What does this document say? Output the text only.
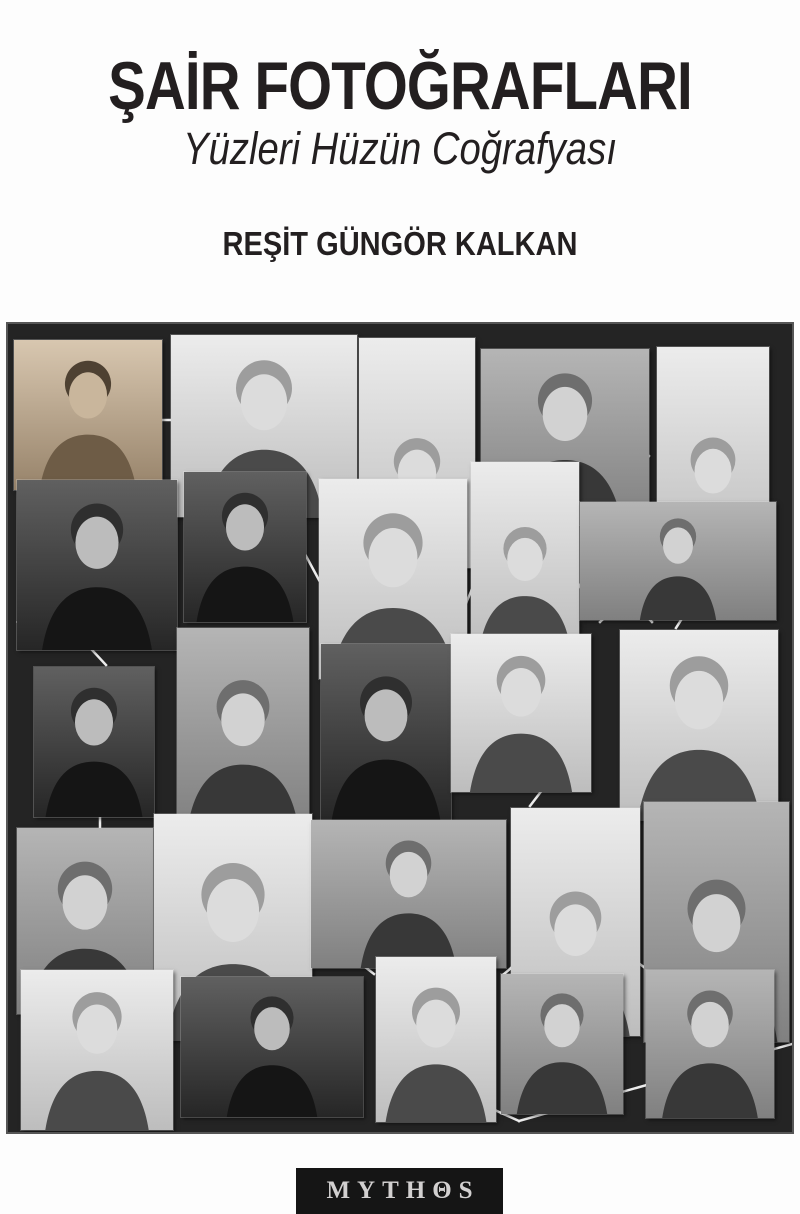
ŞAİR FOTOĞRAFLARI
Yüzleri Hüzün Coğrafyası
REŞİT GÜNGÖR KALKAN
MYTHΘS
